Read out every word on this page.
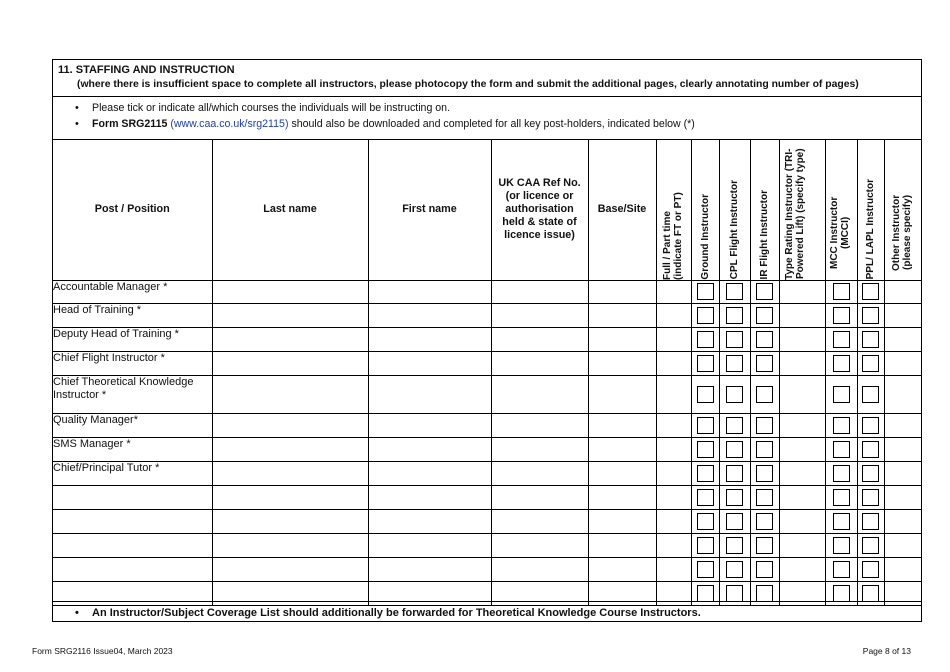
11. STAFFING AND INSTRUCTION
(where there is insufficient space to complete all instructors, please photocopy the form and submit the additional pages, clearly annotating number of pages)
• Please tick or indicate all/which courses the individuals will be instructing on.
• Form SRG2115 (www.caa.co.uk/srg2115) should also be downloaded and completed for all key post-holders, indicated below (*)
Post / Position	Last name	First name	UK CAA Ref No. (or licence or authorisation held & state of licence issue)	Base/Site	Full / Part time (indicate FT or PT)	Ground Instructor	CPL Flight Instructor	IR Flight Instructor	Type Rating Instructor (TRI-Powered Lift) (specify type)	MCC Instructor (MCCI)	PPL/ LAPL Instructor	Other Instructor (please specify)

Accountable Manager *						

Head of Training *						

Deputy Head of Training *						

Chief Flight Instructor *						

Chief Theoretical Knowledge Instructor *						

Quality Manager*						

SMS Manager *						

Chief/Principal Tutor *						

• An Instructor/Subject Coverage List should additionally be forwarded for Theoretical Knowledge Course Instructors.
Form SRG2116 Issue04, March 2023	Page 8 of 13
